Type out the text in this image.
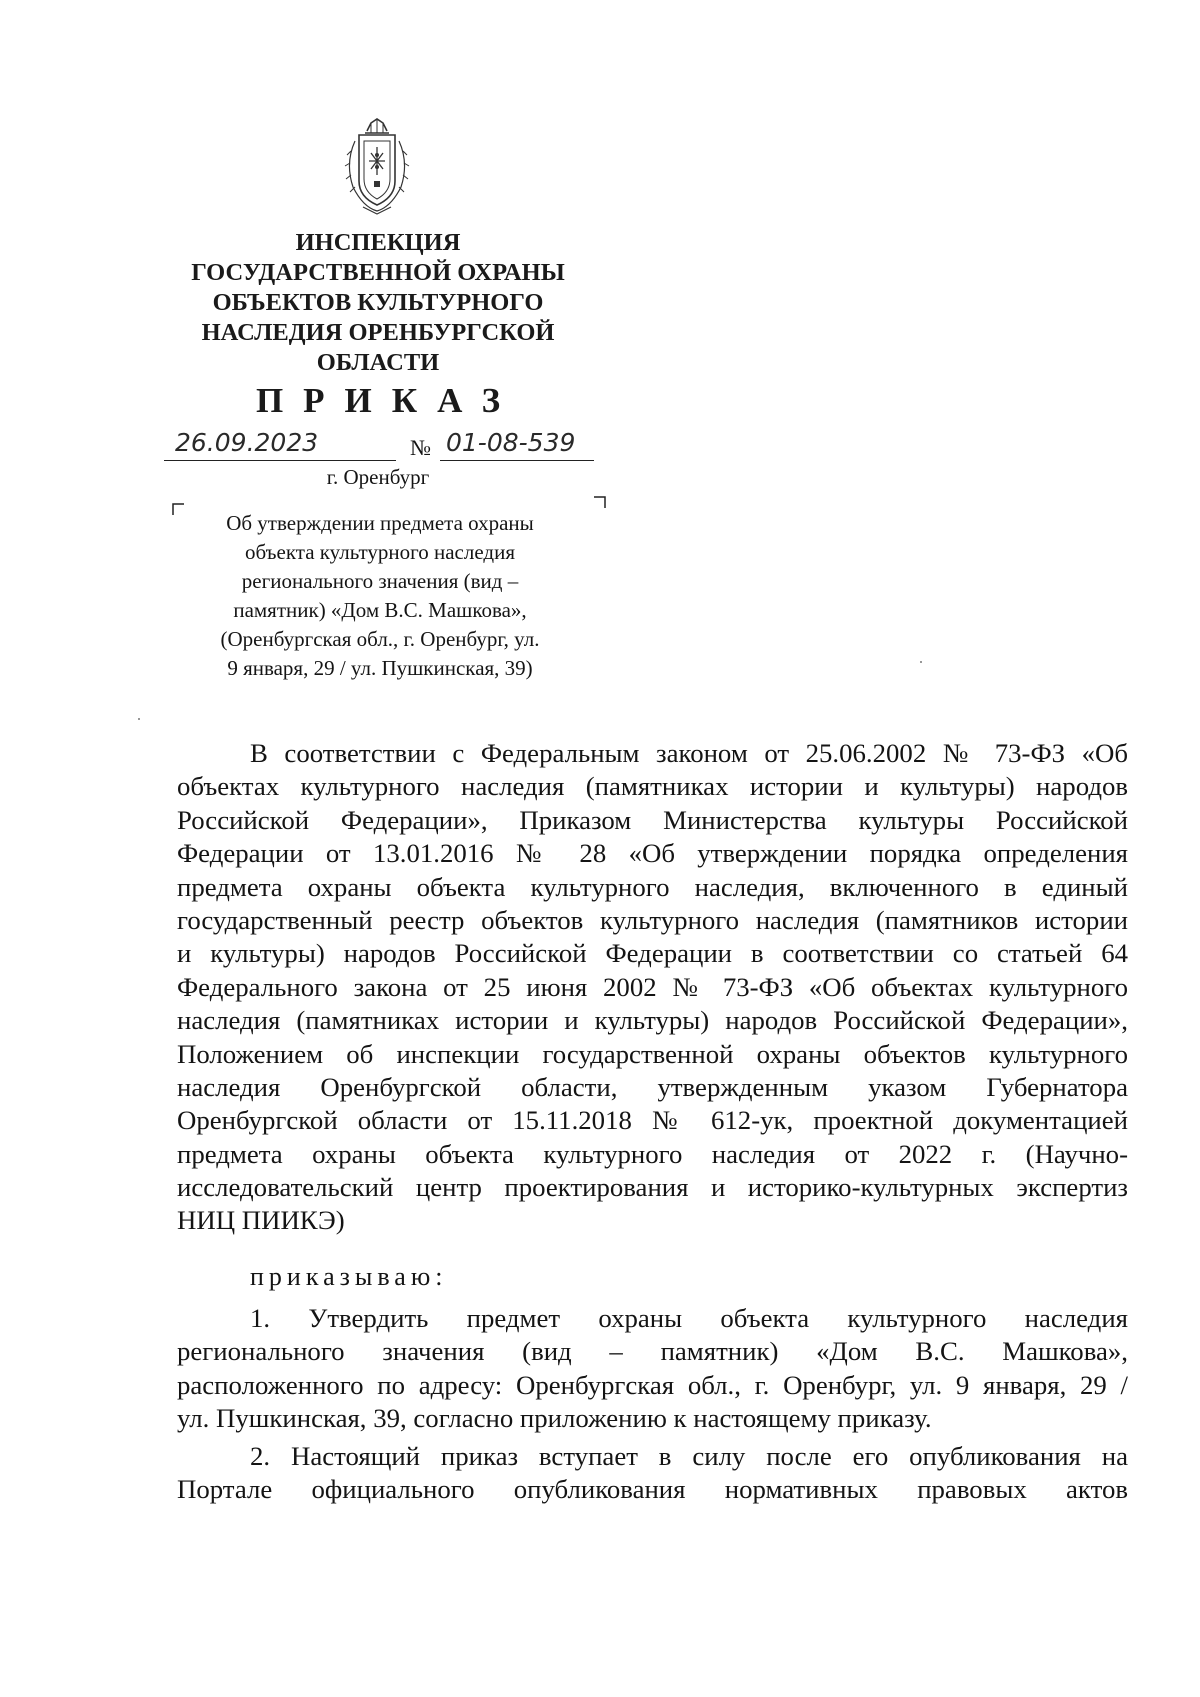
ИНСПЕКЦИЯ
ГОСУДАРСТВЕННОЙ ОХРАНЫ
ОБЪЕКТОВ КУЛЬТУРНОГО
НАСЛЕДИЯ ОРЕНБУРГСКОЙ
ОБЛАСТИ
ПРИКАЗ
26.09.2023	№ 01-08-539
г. Оренбург
Об утверждении предмета охраны
объекта культурного наследия
регионального значения (вид –
памятник) «Дом В.С. Машкова»,
(Оренбургская обл., г. Оренбург, ул.
9 января, 29 / ул. Пушкинская, 39)
В соответствии с Федеральным законом от 25.06.2002 № 73-ФЗ «Об
объектах культурного наследия (памятниках истории и культуры) народов
Российской Федерации», Приказом Министерства культуры Российской
Федерации от 13.01.2016 № 28 «Об утверждении порядка определения
предмета охраны объекта культурного наследия, включенного в единый
государственный реестр объектов культурного наследия (памятников истории
и культуры) народов Российской Федерации в соответствии со статьей 64
Федерального закона от 25 июня 2002 № 73-ФЗ «Об объектах культурного
наследия (памятниках истории и культуры) народов Российской Федерации»,
Положением об инспекции государственной охраны объектов культурного
наследия Оренбургской области, утвержденным указом Губернатора
Оренбургской области от 15.11.2018 № 612-ук, проектной документацией
предмета охраны объекта культурного наследия от 2022 г. (Научно-
исследовательский центр проектирования и историко-культурных экспертиз
НИЦ ПИИКЭ)
приказываю:
1. Утвердить предмет охраны объекта культурного наследия
регионального значения (вид – памятник) «Дом В.С. Машкова»,
расположенного по адресу: Оренбургская обл., г. Оренбург, ул. 9 января, 29 /
ул. Пушкинская, 39, согласно приложению к настоящему приказу.
2. Настоящий приказ вступает в силу после его опубликования на
Портале официального опубликования нормативных правовых актов
